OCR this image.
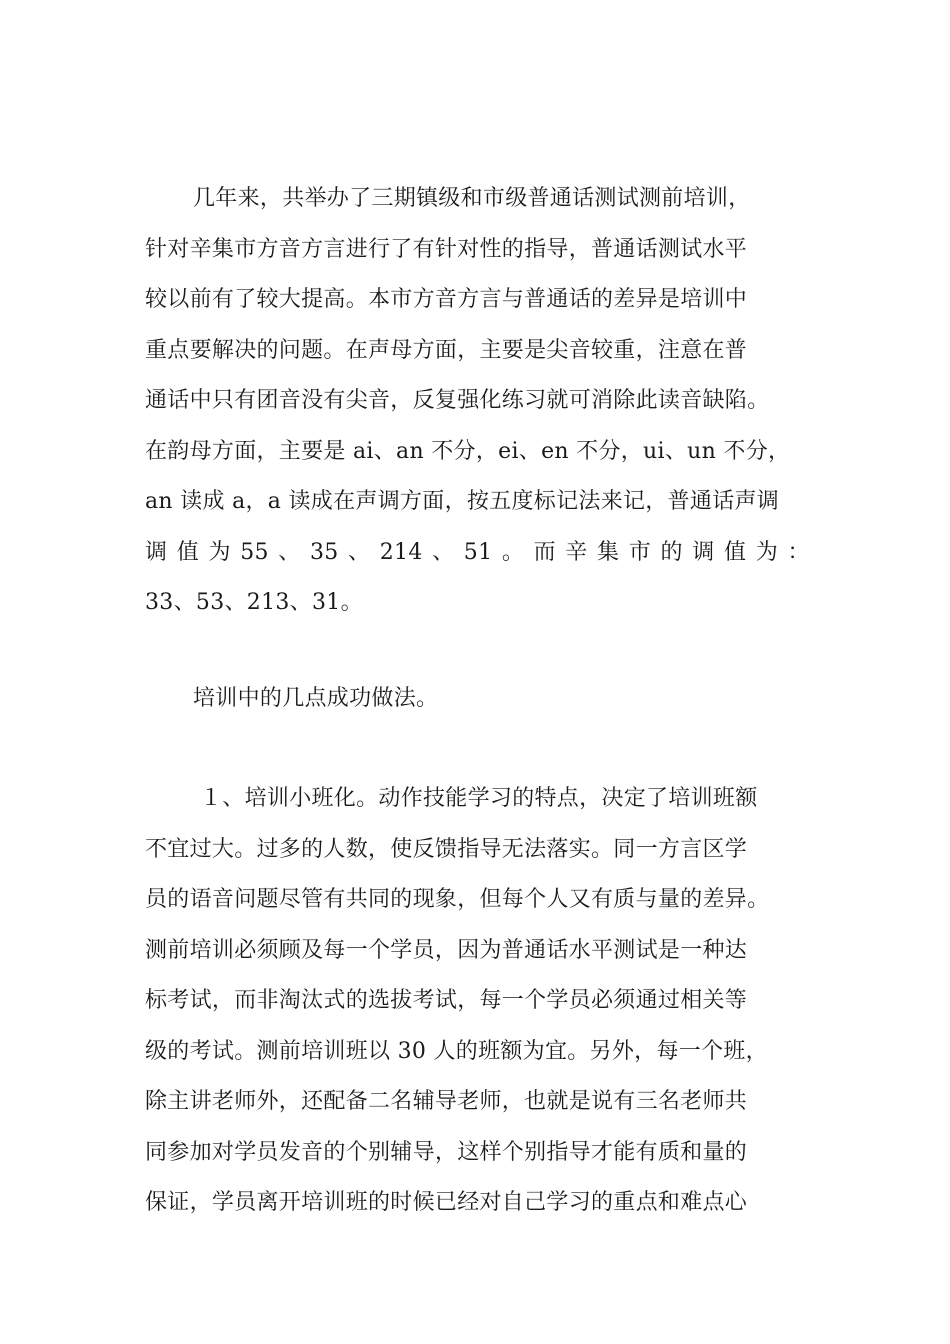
几年来，共举办了三期镇级和市级普通话测试测前培训，
针对辛集市方音方言进行了有针对性的指导，普通话测试水平
较以前有了较大提高。本市方音方言与普通话的差异是培训中
重点要解决的问题。在声母方面，主要是尖音较重，注意在普
通话中只有团音没有尖音，反复强化练习就可消除此读音缺陷。
在韵母方面，主要是 ai、an 不分，ei、en 不分，ui、un 不分，
an 读成 a，a 读成在声调方面，按五度标记法来记，普通话声调
调 值 为 55 、 35 、 214 、 51 。 而 辛 集 市 的 调 值 为 ：
33、53、213、31。
培训中的几点成功做法。
１、培训小班化。动作技能学习的特点，决定了培训班额
不宜过大。过多的人数，使反馈指导无法落实。同一方言区学
员的语音问题尽管有共同的现象，但每个人又有质与量的差异。
测前培训必须顾及每一个学员，因为普通话水平测试是一种达
标考试，而非淘汰式的选拔考试，每一个学员必须通过相关等
级的考试。测前培训班以 30 人的班额为宜。另外，每一个班，
除主讲老师外，还配备二名辅导老师，也就是说有三名老师共
同参加对学员发音的个别辅导，这样个别指导才能有质和量的
保证，学员离开培训班的时候已经对自己学习的重点和难点心
